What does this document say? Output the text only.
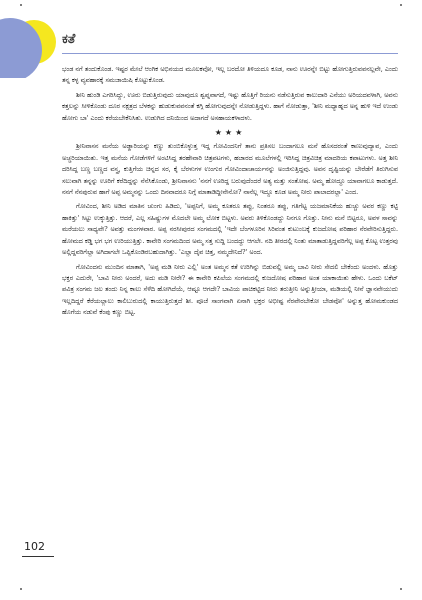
ಕತೆ

ಭಂಡ ನಗೆ ತಂದುಕೊಂಡ. ಇಷ್ಟರ ಮೇಲೆ ಆಂಗಿಕ ಅಭಿನಯದ ಮೂಲಕವೋ, ಇಲ್ಲ ಬರದೋ ತಿಳಿಯದೂ ಕೂಡ, ನಾನು ಊರನ್ನೇ ಬಿಟ್ಟು ಹೋಗುತ್ತಿರುವವನಲ್ಲವೇ, ಎಂದು ತನ್ನ ಕಳ್ಳ ವ್ಯವಹಾರಕ್ಕೆ ಸಮಜಾಯಿಷಿ ಕೊಟ್ಟುಕೊಂಡ.

ಶೀನಿ ಹುಂಡಿ ಎಗರಿಸಿದ್ದು, ಊರು ಬಿಡುತ್ತಿರುವುದು ಯಾವುದೂ ಶ್ವಪ್ನವಾಗದೆ, ಇಷ್ಟು ಹೊತ್ತಿಗೆ ರಿಯನು ನಡೆಸುತ್ತಿರುವ ಕಾಲುದಾರಿ ಎನೆಯು ಅರಿಯದವಳಾಗಿ, ಅವನು ಕತ್ತಲನ್ನು ಸೀಳಿಕೊಂಡು ದೂರ ನಕ್ಷತ್ರದ ಬೆಳಕನ್ನು ಹುಡುಕುವವನಂತೆ ಕಗ್ಗಿ ಹೋಗುವುದನ್ನೇ ನೋಡುತ್ತಿದ್ದಳು. ಹಾಗೆ ನೋಡುತ್ತಾ, 'ಶೀನಿ ಮಧ್ಯಾಹ್ನದ ಅನ್ನ ಹುಳಿ ಇದೆ ಉಂಡು ಹೋಗು ಬಾ' ಎಂದು ಕರೆಯಬೇಕೆನಿಸಿತು. ಉಡುಗಿದ ದನಿಯಿಂದ ಅದಾಗದೆ ಅಸಹಾಯಕಳಾದಳು.

★★★

ಶ್ರೀನಿವಾಸನ ಮನೆಯ ಅಡ್ಡಾರಿಯನ್ನು ಕಣ್ಣು ತುಂಬಿಕೊಳ್ಳುತ್ತ ಇದ್ದ ಗೋವಿಂದನಿಗೆ ತಾನು ಪ್ರತಿಸಲ ಬಂದಾಗಲೂ ಮನೆ ಹೊಸದರಂತೆ ಕಾಣುವುದ್ಯಾವ, ಎಂದು ಅಚ್ಚರಿಯಾಯಿತು. ಇತ್ತ ಮನೆಯ ಗೋಡೆಗಳಿಗೆ ಅಂಟಿಸಿದ್ದ ತರಹೇವಾರಿ ಚಿತ್ರಪಟಗಳು, ಹಜಾರದ ಮೂಲೆಗಳಲ್ಲಿ ಇರಿಸಿದ್ದ ಚಿತ್ರವಿಚಿತ್ರ ಮಾದರಿಯ ಕಪಾಟುಗಳು. ಅತ್ತ ಶೀನಿ ದರಿಸಿದ್ದ ಬಣ್ಣ ಬಣ್ಣದ ವಸ್ತ್ರ, ಕುತ್ತಿಗೆಯ ಚಿನ್ನದ ಸರ, ಕೈ ಬೆರಳುಗಳ ಉಂಗುರ ಗೋವಿಂದಾಚಾರ್ಯನನ್ನು ಅಂಜಿಸುತ್ತಿದ್ದವು. ಅವನ ದೃಷ್ಟಿಯನ್ನು ಬೇರೆಡೆಗೆ ತಿರುಗಿಸುವ ಸಲುವಾಗಿ ತನ್ನನ್ನು ಊರಿಗೆ ಕರೆದಿದ್ದನ್ನು ನೆನೆಸಿಕೊಂಡು, ಶ್ರೀನಿವಾಸನು 'ನನಗೆ ಊರಿದ್ದ ಬರುವುದೆಂದರೆ ಅತ್ಯ ಮತ್ತು ಸಂತೋಷ. ಅಮ್ಮ ಹೋದ್ದೂ ಯಾವಾಗಲೂ ಕಾಡುತ್ತದೆ. ನನಗೆ ನೆನಪುರುವ ಹಾಗೆ ಅಪ್ಪ ಅಮ್ಮನನ್ನು ಒಂದು ದಿನವಾದರೂ ನಿಗ್ಗೆ ಮಾತಾಡಿದ್ದೀನೇನೋ? ನಾನೆಲ್ಲ ಇದ್ದೂ ಕೂಡ ಅಮ್ಮ ನೀರು ಪಾಲಾದರಲ್ಲಾ' ಎಂದ.

ಗೋವಿಂದ, ಶೀನಿ ಅಡಿದ ಮಾತಿನ ಚುಂಗು ಹಿಡಿದು, 'ಅಪ್ಪನಿಗೆ, ಅಮ್ಮ ಕೂತರೂ ತಪ್ಪು, ನಿಂತರೂ ತಪ್ಪು, ಗತಿಗೆಟ್ಟ ಯಜಮಾನಿಕೆಯ ಹುಚ್ಚು ಅವರ ಕಣ್ಣು ಕಟ್ಟಿ ಹಾಕಿತ್ತು' ಸಿಟ್ಟು ಉಕ್ಕುತ್ತಿತ್ತು. ಆದರೆ, ಎಲ್ಲ ಸಹಿಷ್ಣುಗಳ ಮೊದಲೇ ಅಮ್ಮ ಲೋಕ ಬಿಟ್ಟಳು. ಅವರು ತಿಳಿಕೊಂಡದ್ದು ನಿನಗೂ ಗೊತ್ತು. ನೀನು ಮನೆ ಬಿಟ್ಟರೂ, ಅವಳ ಸಾವನ್ನು ಮರೆಯಲು ಸಾಧ್ಯವೇ? ಅವತ್ತು ಮಂಗಳವಾರ. ಅಪ್ಪ ನರಸೀಪುರದ ಸಂಗಮದಲ್ಲಿ 'ಇದೇ ಬೆಂಗಳೂರಿನ ಸಿರಿವಂತ ಕುಟುಂಬಕ್ಕೆ ಕುಜದೋಷ ಪರಿಹಾರ ನೆರವೇರಿಸುತ್ತಿದ್ದರು. ಹೋಮದ ಕಡ್ಡಿ ಭಗ ಭಗ ಉರಿಯುತ್ತಿತ್ತು. ಕಾವೇರಿ ಸಂಗಮದಿಂದ ಅಮ್ಮ ಸತ್ತ ಸುದ್ದಿ ಬಂದದ್ದು ಆಗಲೇ. ನದಿ ತೀರದಲ್ಲಿ ನಿಂತು ಮಾತಾಡುತ್ತಿದ್ದವರಿಗೆಲ್ಲ ಅಪ್ಪ ಕೊಟ್ಟ ಉತ್ತರವು ಅಲ್ಲಿದ್ದವರಿಗೆಲ್ಲಾ ಅಗಿದಾಗಲೇ ಒಪ್ಪಿಕೊಂಡಿರಬಹುದಾಗಿತ್ತು. 'ಎಲ್ಲಾ ದೈವ ಚಿತ್ತ, ನಮ್ಮದೇನಿದೆ?' ಅಂದ.

ಗೋವಿಂದನು ಮುಂದಿನ ಮಾತಾಗಿ, 'ಅಪ್ಪ ಮಡಿ ನೀರು ಎಲ್ಲಿ' ಅಂತ ಅಮ್ಮನ ಕತೆ ಉರಿಗಿನ್ನು ಬಿಡುವಲ್ಲಿ ಅಮ್ಮ ಬಾವಿ ನೀರು ಸೇದಲಿ ಬೇಕೆಂದು ಅಂದಳು. ಹೊತ್ತು ಭಕ್ತರ ಎದುರೇ, 'ಬಾವಿ ನೀರು ಅಂದರೆ, ಅದು ಮಡಿ ನೀರೇ? ಈ ಕಾವೇರಿ ಕಪಿಲೆಯ ಸಂಗಮದಲ್ಲಿ ಕುಜದೋಷ ಪರಿಹಾರ ಅಂತ ಯಾಕಾಯಿತು ಹೇಳು. ಒಂದು ಬಕೆಟ್ ಪವಿತ್ರ ಸಂಗಮ ಜಲ ತಂದು ನಿನ್ನ ಕಾಲು ಸೆಳೆದಿ ಹೋಗಿದೆಯೆ, ಆಷ್ಟೂ ಆಗದೇ? ಬಾವಿಯ ಪಾಚಿಕಟ್ಟಿದ ನೀರು ತರುತ್ತೀನಿ ಅನ್ನುತ್ತೀಯಾ, ಮಡಿಯಲ್ಲಿ ನೀನೆ ಜ್ಞಾನವೇಯುದು ಇಲ್ಲದಿದ್ದರೆ ಕೆರೆಯಲ್ಲಾಲು ಕಾಲಿಬುರುದಲ್ಲಿ ಕಾಯುತ್ತಿರುತ್ತದೆ ಶೀ. ಪೂಜೆ ಸಾಂಗವಾಗಿ ಏನಾಗಿ ಭಕ್ತರ ಅಭೀಷ್ಟ ನೆರವೇರಬೇಕೋ ಬೇಡವೋ' ಅನ್ನುತ್ತ ಹೋಮಕುಂಡದ ಹೊಗೆಯ ನಡುವೆ ಕೆಂಪು ಕಣ್ಣು ಬಿಟ್ಟ.

102
